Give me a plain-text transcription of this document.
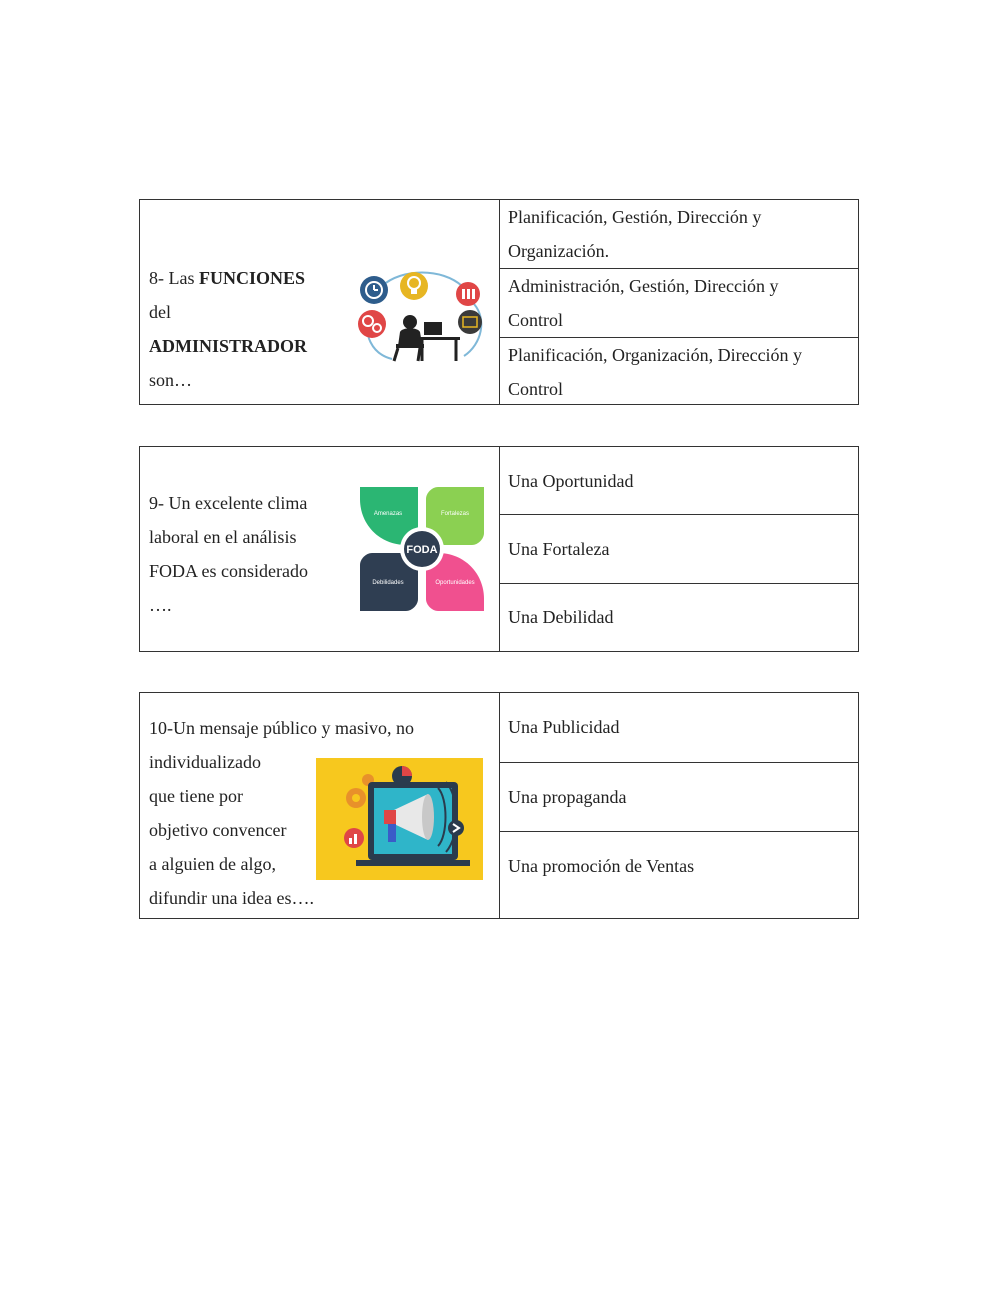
8- Las FUNCIONES
del
ADMINISTRADOR
son…
Planificación, Gestión, Dirección y
Organización.
Administración, Gestión, Dirección y
Control
Planificación, Organización, Dirección y
Control
9- Un excelente clima
laboral en el análisis
FODA es considerado
….
Amenazas	Fortalezas
Debilidades	Oportunidades
FODA
Una Oportunidad
Una Fortaleza
Una Debilidad
10-Un mensaje público y masivo, no
individualizado
que tiene por
objetivo convencer
a alguien de algo,
difundir una idea es….
Una Publicidad
Una propaganda
Una promoción de Ventas
